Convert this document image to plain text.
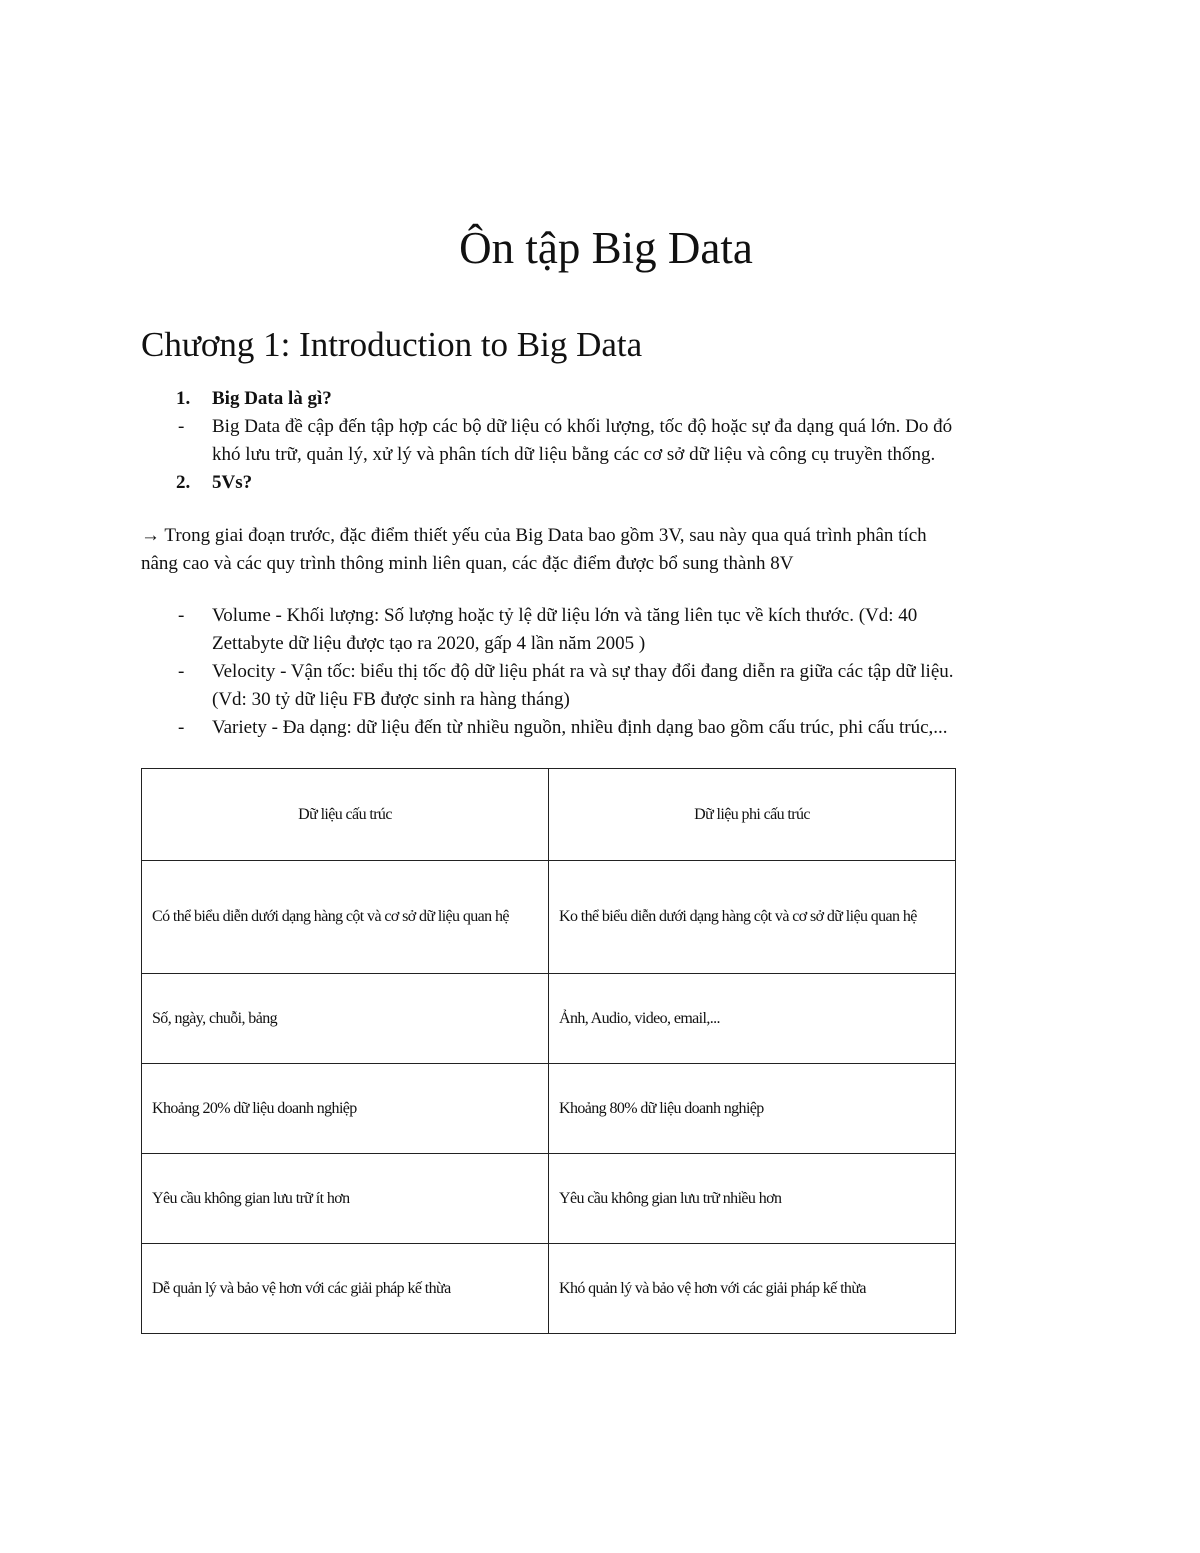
Ôn tập Big Data
Chương 1: Introduction to Big Data
1. Big Data là gì?
- Big Data đề cập đến tập hợp các bộ dữ liệu có khối lượng, tốc độ hoặc sự đa dạng quá lớn. Do đó
khó lưu trữ, quản lý, xử lý và phân tích dữ liệu bằng các cơ sở dữ liệu và công cụ truyền thống.
2. 5Vs?
→ Trong giai đoạn trước, đặc điểm thiết yếu của Big Data bao gồm 3V, sau này qua quá trình phân tích
nâng cao và các quy trình thông minh liên quan, các đặc điểm được bổ sung thành 8V
- Volume - Khối lượng: Số lượng hoặc tỷ lệ dữ liệu lớn và tăng liên tục về kích thước. (Vd: 40
Zettabyte dữ liệu được tạo ra 2020, gấp 4 lần năm 2005 )
- Velocity - Vận tốc: biểu thị tốc độ dữ liệu phát ra và sự thay đổi đang diễn ra giữa các tập dữ liệu.
(Vd: 30 tỷ dữ liệu FB được sinh ra hàng tháng)
- Variety - Đa dạng: dữ liệu đến từ nhiều nguồn, nhiều định dạng bao gồm cấu trúc, phi cấu trúc,...
Dữ liệu cấu trúc	Dữ liệu phi cấu trúc
Có thể biểu diễn dưới dạng hàng cột và cơ sở dữ liệu quan hệ	Ko thể biểu diễn dưới dạng hàng cột và cơ sở dữ liệu quan hệ
Số, ngày, chuỗi, bảng	Ảnh, Audio, video, email,...
Khoảng 20% dữ liệu doanh nghiệp	Khoảng 80% dữ liệu doanh nghiệp
Yêu cầu không gian lưu trữ ít hơn	Yêu cầu không gian lưu trữ nhiều hơn
Dễ quản lý và bảo vệ hơn với các giải pháp kế thừa	Khó quản lý và bảo vệ hơn với các giải pháp kế thừa
